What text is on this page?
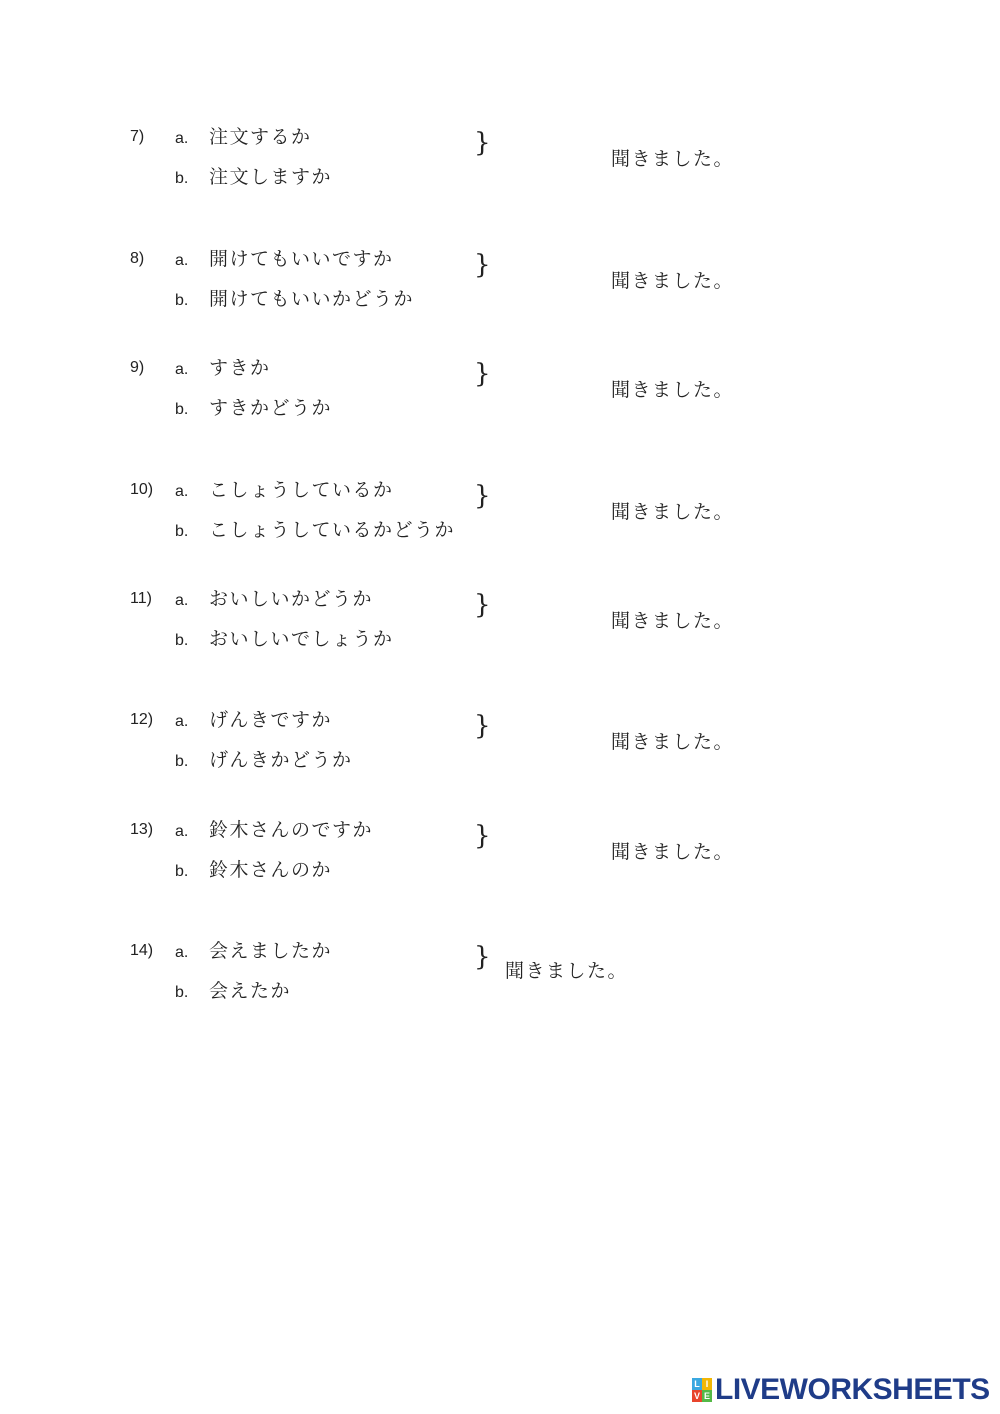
7) a. 注文するか
b. 注文しますか
}
聞きました。
8) a. 開けてもいいですか
b. 開けてもいいかどうか
}
聞きました。
9) a. すきか
b. すきかどうか
}
聞きました。
10) a. こしょうしているか
b. こしょうしているかどうか
}
聞きました。
11) a. おいしいかどうか
b. おいしいでしょうか
}
聞きました。
12) a. げんきですか
b. げんきかどうか
}
聞きました。
13) a. 鈴木さんのですか
b. 鈴木さんのか
}
聞きました。
14) a. 会えましたか
b. 会えたか
} 聞きました。
L I
V E LIVEWORKSHEETS
